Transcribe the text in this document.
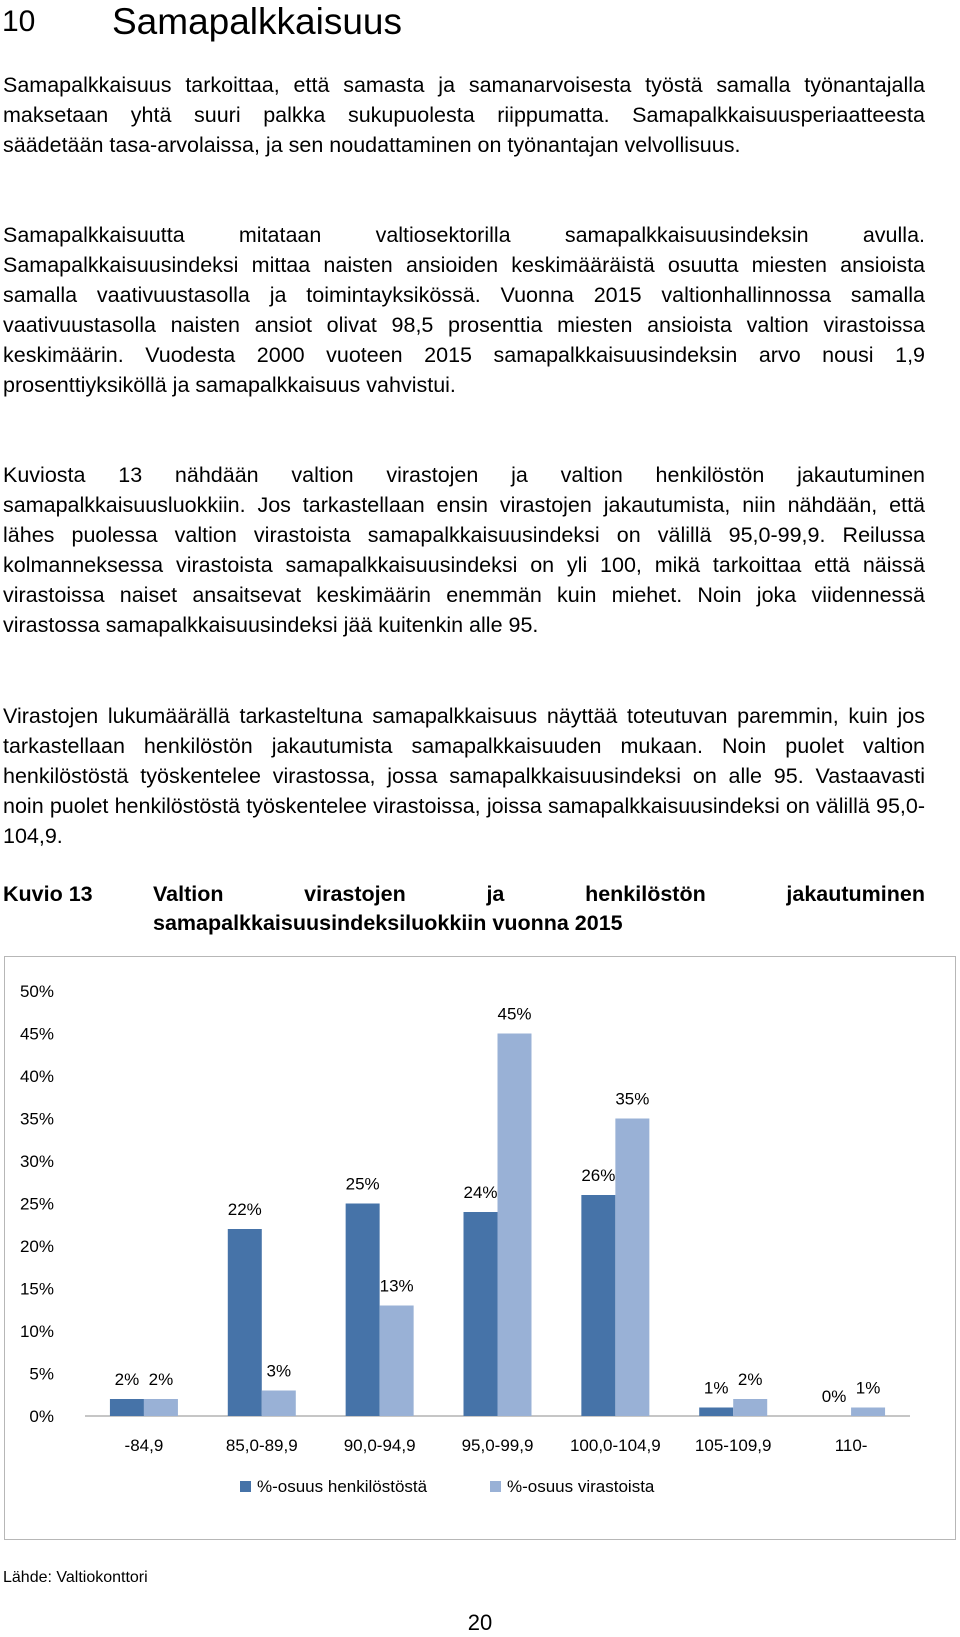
10	Samapalkkaisuus

Samapalkkaisuus tarkoittaa, että samasta ja samanarvoisesta työstä samalla työnantajalla maksetaan yhtä suuri palkka sukupuolesta riippumatta. Samapalkkaisuusperiaatteesta säädetään tasa-arvolaissa, ja sen noudattaminen on työnantajan velvollisuus.

Samapalkkaisuutta mitataan valtiosektorilla samapalkkaisuusindeksin avulla. Samapalkkaisuusindeksi mittaa naisten ansioiden keskimääräistä osuutta miesten ansioista samalla vaativuustasolla ja toimintayksikössä. Vuonna 2015 valtionhallinnossa samalla vaativuustasolla naisten ansiot olivat 98,5 prosenttia miesten ansioista valtion virastoissa keskimäärin. Vuodesta 2000 vuoteen 2015 samapalkkaisuusindeksin arvo nousi 1,9 prosenttiyksiköllä ja samapalkkaisuus vahvistui.

Kuviosta 13 nähdään valtion virastojen ja valtion henkilöstön jakautuminen samapalkkaisuusluokkiin. Jos tarkastellaan ensin virastojen jakautumista, niin nähdään, että lähes puolessa valtion virastoista samapalkkaisuusindeksi on välillä 95,0-99,9. Reilussa kolmanneksessa virastoista samapalkkaisuusindeksi on yli 100, mikä tarkoittaa että näissä virastoissa naiset ansaitsevat keskimäärin enemmän kuin miehet. Noin joka viidennessä virastossa samapalkkaisuusindeksi jää kuitenkin alle 95.

Virastojen lukumäärällä tarkasteltuna samapalkkaisuus näyttää toteutuvan paremmin, kuin jos tarkastellaan henkilöstön jakautumista samapalkkaisuuden mukaan. Noin puolet valtion henkilöstöstä työskentelee virastossa, jossa samapalkkaisuusindeksi on alle 95. Vastaavasti noin puolet henkilöstöstä työskentelee virastoissa, joissa samapalkkaisuusindeksi on välillä 95,0-104,9.

Kuvio 13	Valtion virastojen ja henkilöstön jakautuminen
samapalkkaisuusindeksiluokkiin vuonna 2015
0%
5%
10%
15%
20%
25%
30%
35%
40%
45%
50%
-84,9
2% 2%
85,0-89,9
22%
3%
90,0-94,9
25%
13%
95,0-99,9
24%
45%
100,0-104,9
26%
35%
105-109,9
1% 2%
110-
0% 1%
%-osuus henkilöstöstä	%-osuus virastoista
Lähde: Valtiokonttori
20
